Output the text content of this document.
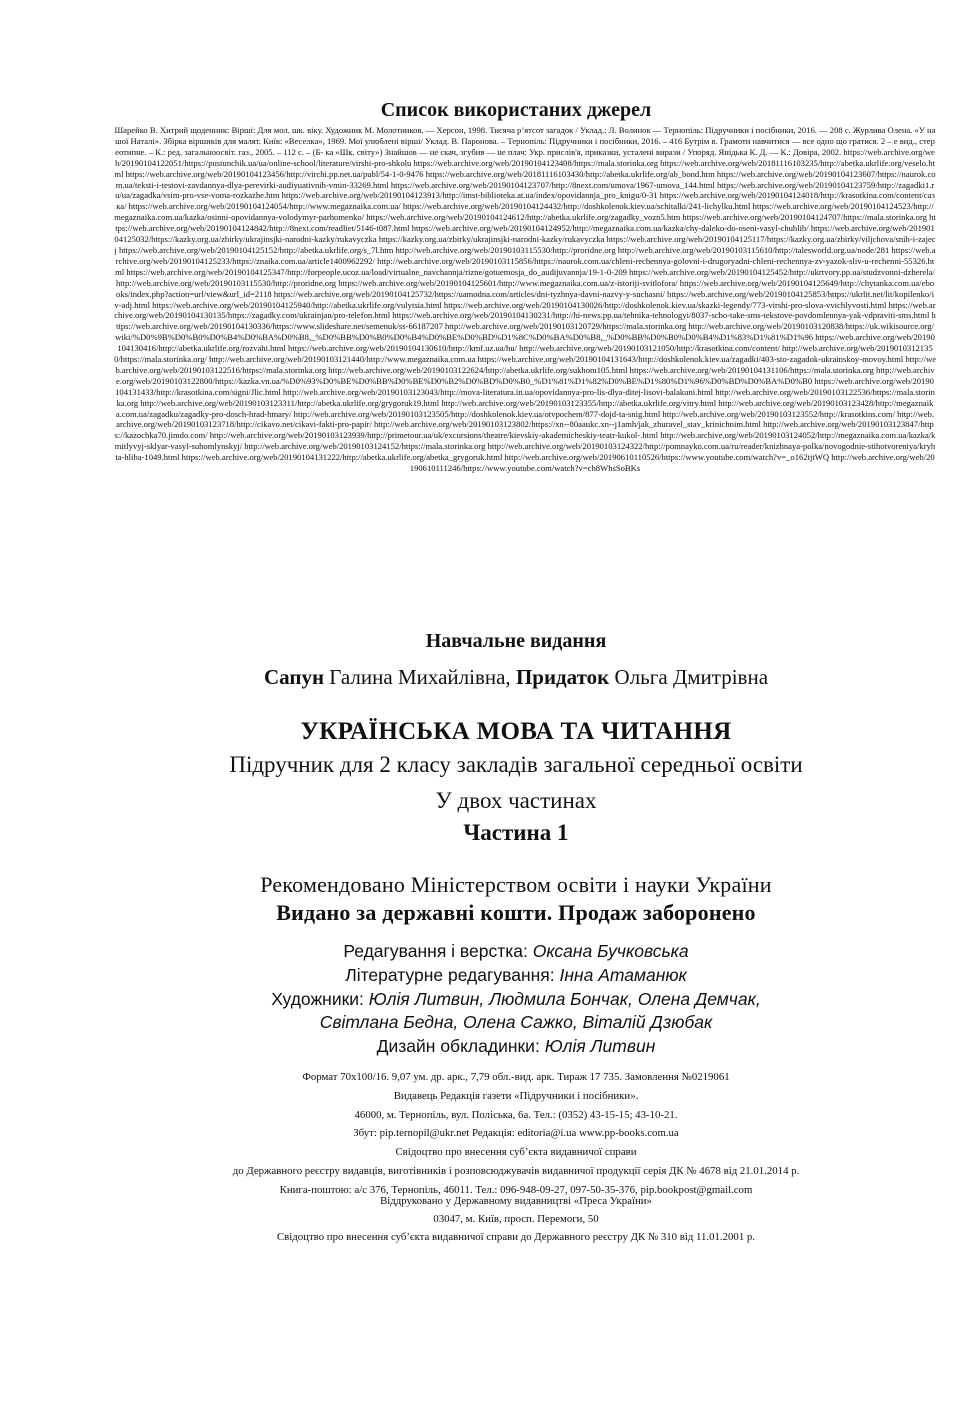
Список використаних джерел
Шарейко В. Хитрий щоденник: Вірші: Для мол. шк. віку. Художник М. Молотников. — Херсон, 1998. Тисяча р’ятсот загадок / Уклад.: Л. Волинок — Тернопіль: Підручники і посібники, 2016. — 208 с. Журлива Олена. «У нашої Наталі». Збірка віршиків для малят. Київ: «Веселка», 1969. Мої улюблені вірші/ Уклад. В. Паронова. – Тернопіль: Підручники і посібники, 2016. – 416 Бутрім в. Грамоти навчитися — все одно що гратися. 2 – е вид., стереотипне. – К.: ред. загальноосвіт. газ., 2005. – 112 с. – (Б- ка «Шк. світу») Знайшов — не скач, згубив — не плач: Укр. прислів'я, приказки, усталені вирази / Упоряд. Янідька К. Д. — К.: Довіра, 2002. https://web.archive.org/web/20190104122051/https://pustunchik.ua/ua/online-school/literature/virshi-pro-shkolu https://web.archive.org/web/20190104123408/https://mala.storinka.org https://web.archive.org/web/20181116103235/http://abetka.ukrlife.org/veselo.html https://web.archive.org/web/20190104123456/http://virchi.pp.net.ua/publ/54-1-0-9476 https://web.archive.org/web/20181116103430/http://abetka.ukrlife.org/ab_bond.htm https://web.archive.org/web/20190104123607/https://naurok.com.ua/teksti-i-testovi-zavdannya-dlya-perevirki-audiyuativnih-vmin-33269.html https://web.archive.org/web/20190104123707/http://8next.com/umova/1967-umova_144.html https://web.archive.org/web/20190104123759/http://zagadki1.ru/ua/zagadka/vsim-pro-vse-voma-rozkazhe.htm https://web.archive.org/web/20190104123913/http://imst-biblioteka.at.ua/index/opovidannja_pro_knigu/0-31 https://web.archive.org/web/20190104124018/http://krasotkina.com/content/caзка/ https://web.archive.org/web/20190104124054/http://www.megaznaika.com.ua/ https://web.archive.org/web/20190104124432/http://doshkolenok.kiev.ua/schitalki/241-lichylku.html https://web.archive.org/web/20190104124523/http://megaznaika.com.ua/kazka/osinni-opovidannya-volodymyr-parhomenko/ https://web.archive.org/web/20190104124612/http://abetka.ukrlife.org/zagadky_vozn5.htm https://web.archive.org/web/20190104124707/https://mala.storinka.org https://web.archive.org/web/20190104124842/http://8next.com/readliet/5146-t087.html https://web.archive.org/web/20190104124952/http://megaznaika.com.ua/kazka/chy-daleko-do-oseni-vasyl-chuhlib/ https://web.archive.org/web/20190104125032/https://kazky.org.ua/zbirky/ukrajinsjki-narodni-kazky/rukavyczka https://kazky.org.ua/zbirky/ukrajinsjki-narodni-kazky/rukavyczka https://web.archive.org/web/20190104125117/https://kazky.org.ua/zbirky/viljchova/snih-i-zajecj https://web.archive.org/web/20190104125152/http://abetka.ukrlife.org/s_7l.htm http://web.archive.org/web/20190103115530/http://proridne.org http://web.archive.org/web/20190103115610/http://talesworld.org.ua/node/281 https://web.archive.org/web/20190104125233/https://znaika.com.ua/article1400962292/ http://web.archive.org/web/20190103115856/https://naurok.com.ua/chleni-rechennya-golovni-i-drugoryadni-chleni-rechennya-zv-yazok-sliv-u-rechenni-55326.html https://web.archive.org/web/20190104125347/http://forpeople.ucoz.ua/load/virtualne_navchannja/rizne/gotuemosja_do_audijuvannja/19-1-0-209 https://web.archive.org/web/20190104125452/http://ukrtvory.pp.ua/studzvonni-dzherela/ http://web.archive.org/web/20190103115530/http://proridne.org https://web.archive.org/web/20190104125601/http://www.megaznaika.com.ua/z-istorijі-svitlofora/ https://web.archive.org/web/20190104125649/http://chytanka.com.ua/ebooks/index.php?action=url/view&url_id=2118 https://web.archive.org/web/20190104125732/https://uamodna.com/articles/dni-tyzhnya-davni-nazvy-y-suchasni/ https://web.archive.org/web/20190104125853/https://ukrlit.net/lit/kopilenko/iv-adj.html https://web.archive.org/web/20190104125940/http://abetka.ukrlife.org/vulytsia.html https://web.archive.org/web/20190104130026/http://doshkolenok.kiev.ua/skazki-legendy/773-virshi-pro-slova-vvichlyvosti.html https://web.archive.org/web/20190104130135/https://zagadky.com/ukrainjan/pro-telefon.html https://web.archive.org/web/20190104130231/http://hi-news.pp.ua/tehnika-tehnologyi/8037-scho-take-sms-tekstove-povdomlennya-yak-vdpraviti-sms.html https://web.archive.org/web/20190104130336/https://www.slideshare.net/semenuk/ss-66187207 http://web.archive.org/web/20190103120729/https://mala.storinka.org http://web.archive.org/web/20190103120838/https://uk.wikisource.org/wiki/%D0%9B%D0%B0%D0%B4%D0%BA%D0%B8,_%D0%BB%D0%B0%D0%B4%D0%BE%D0%BD%D1%8C%D0%BA%D0%B8,_%D0%BB%D0%B0%D0%B4%D1%83%D1%81%D1%96 https://web.archive.org/web/20190104130416/http://abetka.ukrlife.org/rozvahi.html https://web.archive.org/web/20190104130610/http://kmf.uz.ua/hu/ http://web.archive.org/web/20190103121050/http://krasotkina.com/content/ http://web.archive.org/web/20190103121350/https://mala.storinka.org/ http://web.archive.org/web/20190103121440/http://www.megaznaika.com.ua https://web.archive.org/web/20190104131643/http://doshkolenok.kiev.ua/zagadki/403-sto-zagadok-ukrainskoy-movoy.html http://web.archive.org/web/20190103122516/https://mala.storinka.org http://web.archive.org/web/20190103122624/http://abetka.ukrlife.org/sukhom105.html https://web.archive.org/web/20190104131106/https://mala.storinka.org http://web.archive.org/web/20190103122800/https://kazka.vn.ua/%D0%93%D0%BE%D0%BB%D0%BE%D0%B2%D0%BD%D0%B0_%D1%81%D1%82%D0%BE%D1%80%D1%96%D0%BD%D0%BA%D0%B0 https://web.archive.org/web/20190104131433/http://krasotkina.com/signi/Jlic.html http://web.archive.org/web/20190103123043/http://mova-literatura.in.ua/opovidannya-pro-lis-dlya-ditej-lisovi-balakuni.html http://web.archive.org/web/20190103122536/https://mala.storinka.org http://web.archive.org/web/20190103123311/http://abetka.ukrlife.org/grygoruk19.html http://web.archive.org/web/20190103123355/http://abetka.ukrlife.org/vitry.html http://web.archive.org/web/20190103123428/http://megaznaika.com.ua/zagadku/zagadky-pro-dosch-hrad-hmary/ http://web.archive.org/web/20190103123505/http://doshkolenok.kiev.ua/otvpochem/877-dojd-ta-snig.html http://web.archive.org/web/20190103123552/http://krasotkins.com/ http://web.archive.org/web/20190103123718/http://cikavo.net/cikavi-fakti-pro-papir/ http://web.archive.org/web/20190103123802/https://xn--80aaukc.xn--j1amh/jak_zhuravel_stav_krinichnim.html http://web.archive.org/web/20190103123847/https://kazochka70.jimdo.com/ http://web.archive.org/web/20190103123939/http://primetour.ua/uk/excursions/theatre/kievskiy-akademicheskiy-teatr-kukol-.html http://web.archive.org/web/20190103124052/http://megaznaika.com.ua/kazka/kmitlyvyj-sklyar-vasyl-suhomlynskyj/ http://web.archive.org/web/20190103124152/https://mala.storinka.org http://web.archive.org/web/20190103124322/http://pomnayko.com.ua/ru/reader/knizhnaya-polka/novogodnie-stihotvoreniya/kryhta-hliba-1049.html https://web.archive.org/web/20190104131222/http://abetka.ukrlife.org/abetka_grygoruk.html http://web.archive.org/web/20190610110526/https://www.youtube.com/watch?v=_o162tjtWQ http://web.archive.org/web/20190610111246/https://www.youtube.com/watch?v=ch8WhsSoBKs
Навчальне видання
Сапун Галина Михайлівна, Придаток Ольга Дмитрівна
УКРАЇНСЬКА МОВА ТА ЧИТАННЯ
Підручник для 2 класу закладів загальної середньої освіти
У двох частинах
Частина 1
Рекомендовано Міністерством освіти і науки України
Видано за державні кошти. Продаж заборонено
Редагування і верстка: Оксана Бучковська
Літературне редагування: Інна Атаманюк
Художники: Юлія Литвин, Людмила Бончак, Олена Демчак,
Світлана Бедна, Олена Сажко, Віталій Дзюбак
Дизайн обкладинки: Юлія Литвин
Формат 70х100/16. 9,07 ум. др. арк., 7,79 обл.-вид. арк. Тираж 17 735. Замовлення №0219061
Видавець Редакція газети «Підручники і посібники».
46000, м. Тернопіль, вул. Поліська, 6а. Тел.: (0352) 43-15-15; 43-10-21.
Збут: pip.ternopil@ukr.net Редакція: editoria@i.ua www.pp-books.com.ua
Свідоцтво про внесення суб’єкта видавничої справи
до Державного реєстру видавців, виготівників і розповсюджувачів видавничої продукції серія ДК № 4678 від 21.01.2014 р.
Книга-поштою: а/с 376, Тернопіль, 46011. Тел.: 096-948-09-27, 097-50-35-376, pip.bookpost@gmail.com
Віддруковано у Державному видавництві «Преса України»
03047, м. Київ, просп. Перемоги, 50
Свідоцтво про внесення суб’єкта видавничої справи до Державного реєстру ДК № 310 від 11.01.2001 р.
